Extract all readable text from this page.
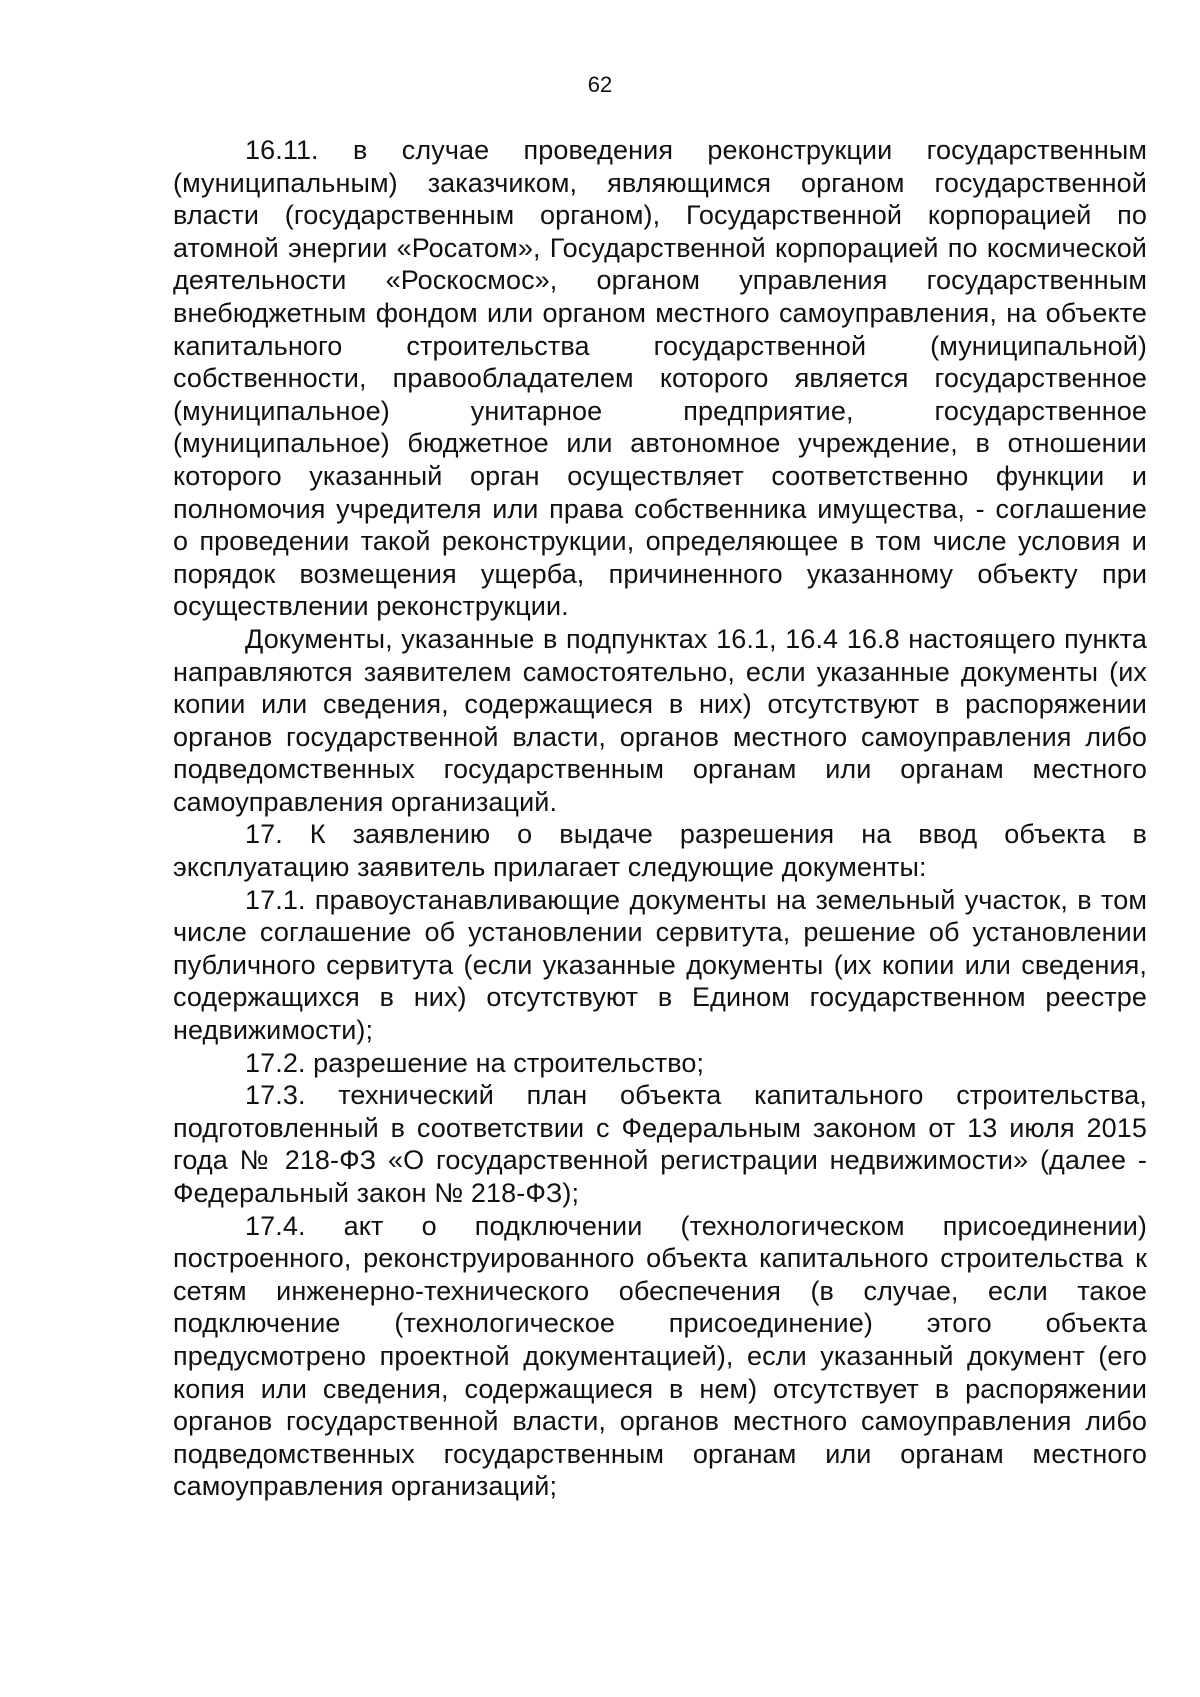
62

16.11. в случае проведения реконструкции государственным (муниципальным) заказчиком, являющимся органом государственной власти (государственным органом), Государственной корпорацией по атомной энергии «Росатом», Государственной корпорацией по космической деятельности «Роскосмос», органом управления государственным внебюджетным фондом или органом местного самоуправления, на объекте капитального строительства государственной (муниципальной) собственности, правообладателем которого является государственное (муниципальное) унитарное предприятие, государственное (муниципальное) бюджетное или автономное учреждение, в отношении которого указанный орган осуществляет соответственно функции и полномочия учредителя или права собственника имущества, - соглашение о проведении такой реконструкции, определяющее в том числе условия и порядок возмещения ущерба, причиненного указанному объекту при осуществлении реконструкции.

Документы, указанные в подпунктах 16.1, 16.4 16.8 настоящего пункта направляются заявителем самостоятельно, если указанные документы (их копии или сведения, содержащиеся в них) отсутствуют в распоряжении органов государственной власти, органов местного самоуправления либо подведомственных государственным органам или органам местного самоуправления организаций.

17. К заявлению о выдаче разрешения на ввод объекта в эксплуатацию заявитель прилагает следующие документы:

17.1. правоустанавливающие документы на земельный участок, в том числе соглашение об установлении сервитута, решение об установлении публичного сервитута (если указанные документы (их копии или сведения, содержащихся в них) отсутствуют в Едином государственном реестре недвижимости);

17.2. разрешение на строительство;

17.3. технический план объекта капитального строительства, подготовленный в соответствии с Федеральным законом от 13 июля 2015 года № 218-ФЗ «О государственной регистрации недвижимости» (далее - Федеральный закон № 218-ФЗ);

17.4. акт о подключении (технологическом присоединении) построенного, реконструированного объекта капитального строительства к сетям инженерно-технического обеспечения (в случае, если такое подключение (технологическое присоединение) этого объекта предусмотрено проектной документацией), если указанный документ (его копия или сведения, содержащиеся в нем) отсутствует в распоряжении органов государственной власти, органов местного самоуправления либо подведомственных государственным органам или органам местного самоуправления организаций;
